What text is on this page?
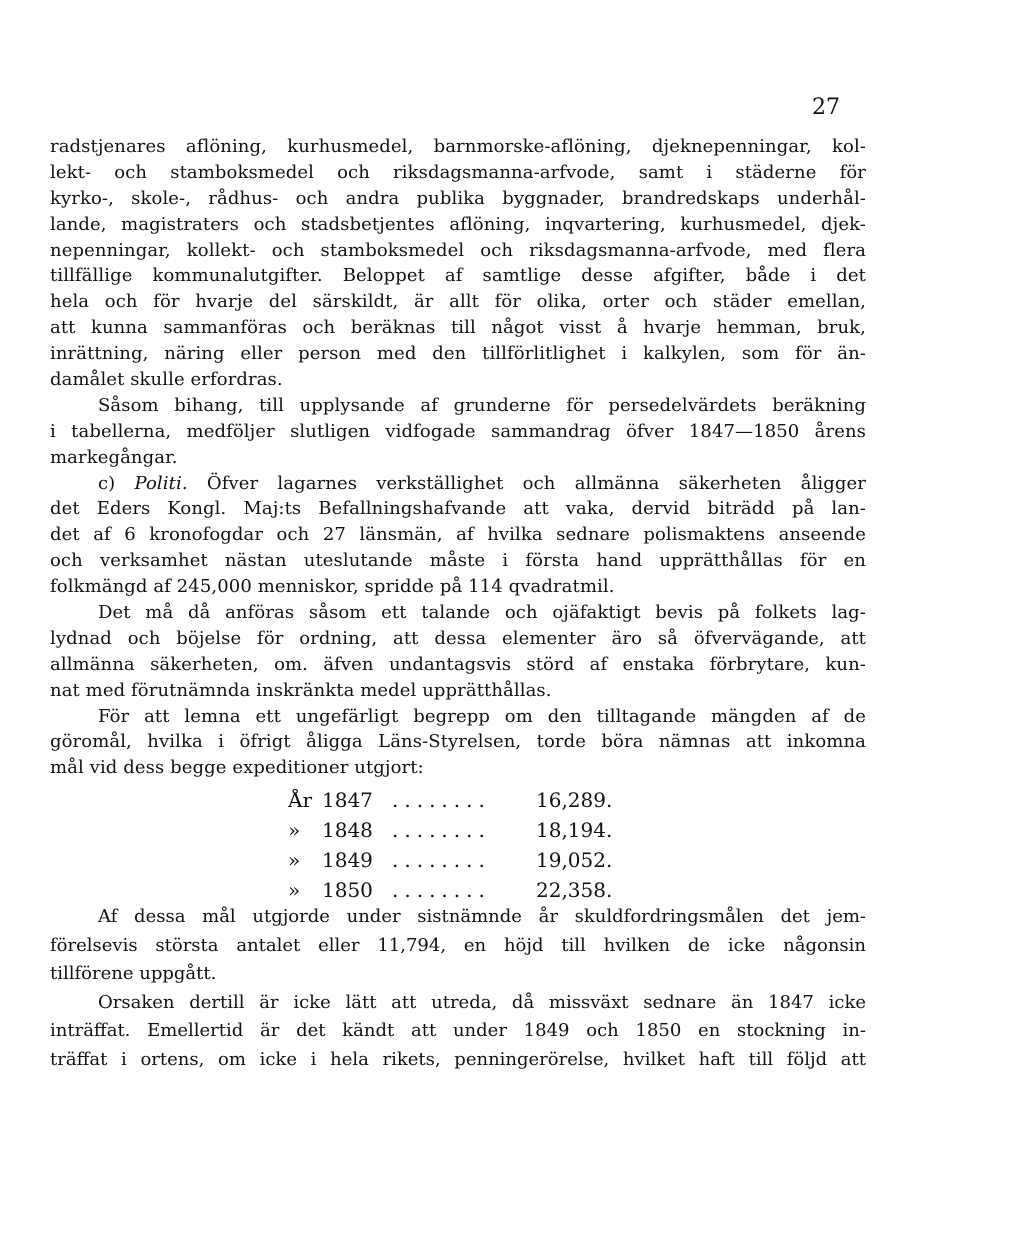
27
radstjenares aflöning, kurhusmedel, barnmorske-aflöning, djeknepenningar, kol-
lekt- och stamboksmedel och riksdagsmanna-arfvode, samt i städerne för
kyrko-, skole-, rådhus- och andra publika byggnader, brandredskaps underhål-
lande, magistraters och stadsbetjentes aflöning, inqvartering, kurhusmedel, djek-
nepenningar, kollekt- och stamboksmedel och riksdagsmanna-arfvode, med flera
tillfällige kommunalutgifter. Beloppet af samtlige desse afgifter, både i det
hela och för hvarje del särskildt, är allt för olika, orter och städer emellan,
att kunna sammanföras och beräknas till något visst å hvarje hemman, bruk,
inrättning, näring eller person med den tillförlitlighet i kalkylen, som för än-
damålet skulle erfordras.
Såsom bihang, till upplysande af grunderne för persedelvärdets beräkning
i tabellerna, medföljer slutligen vidfogade sammandrag öfver 1847—1850 årens
markegångar.
c) Politi. Öfver lagarnes verkställighet och allmänna säkerheten åligger
det Eders Kongl. Maj:ts Befallningshafvande att vaka, dervid biträdd på lan-
det af 6 kronofogdar och 27 länsmän, af hvilka sednare polismaktens anseende
och verksamhet nästan uteslutande måste i första hand upprätthållas för en
folkmängd af 245,000 menniskor, spridde på 114 qvadratmil.
Det må då anföras såsom ett talande och ojäfaktigt bevis på folkets lag-
lydnad och böjelse för ordning, att dessa elementer äro så öfvervägande, att
allmänna säkerheten, om. äfven undantagsvis störd af enstaka förbrytare, kun-
nat med förutnämnda inskränkta medel upprätthållas.
För att lemna ett ungefärligt begrepp om den tilltagande mängden af de
göromål, hvilka i öfrigt åligga Läns-Styrelsen, torde böra nämnas att inkomna
mål vid dess begge expeditioner utgjort:
År 1847 ........	16,289.
»	1848 ........	18,194.
»	1849 ........	19,052.
»	1850 ........	22,358.
Af dessa mål utgjorde under sistnämnde år skuldfordringsmålen det jem-
förelsevis största antalet eller 11,794, en höjd till hvilken de icke någonsin
tillförene uppgått.
Orsaken dertill är icke lätt att utreda, då missväxt sednare än 1847 icke
inträffat. Emellertid är det kändt att under 1849 och 1850 en stockning in-
träffat i ortens, om icke i hela rikets, penningerörelse, hvilket haft till följd att
